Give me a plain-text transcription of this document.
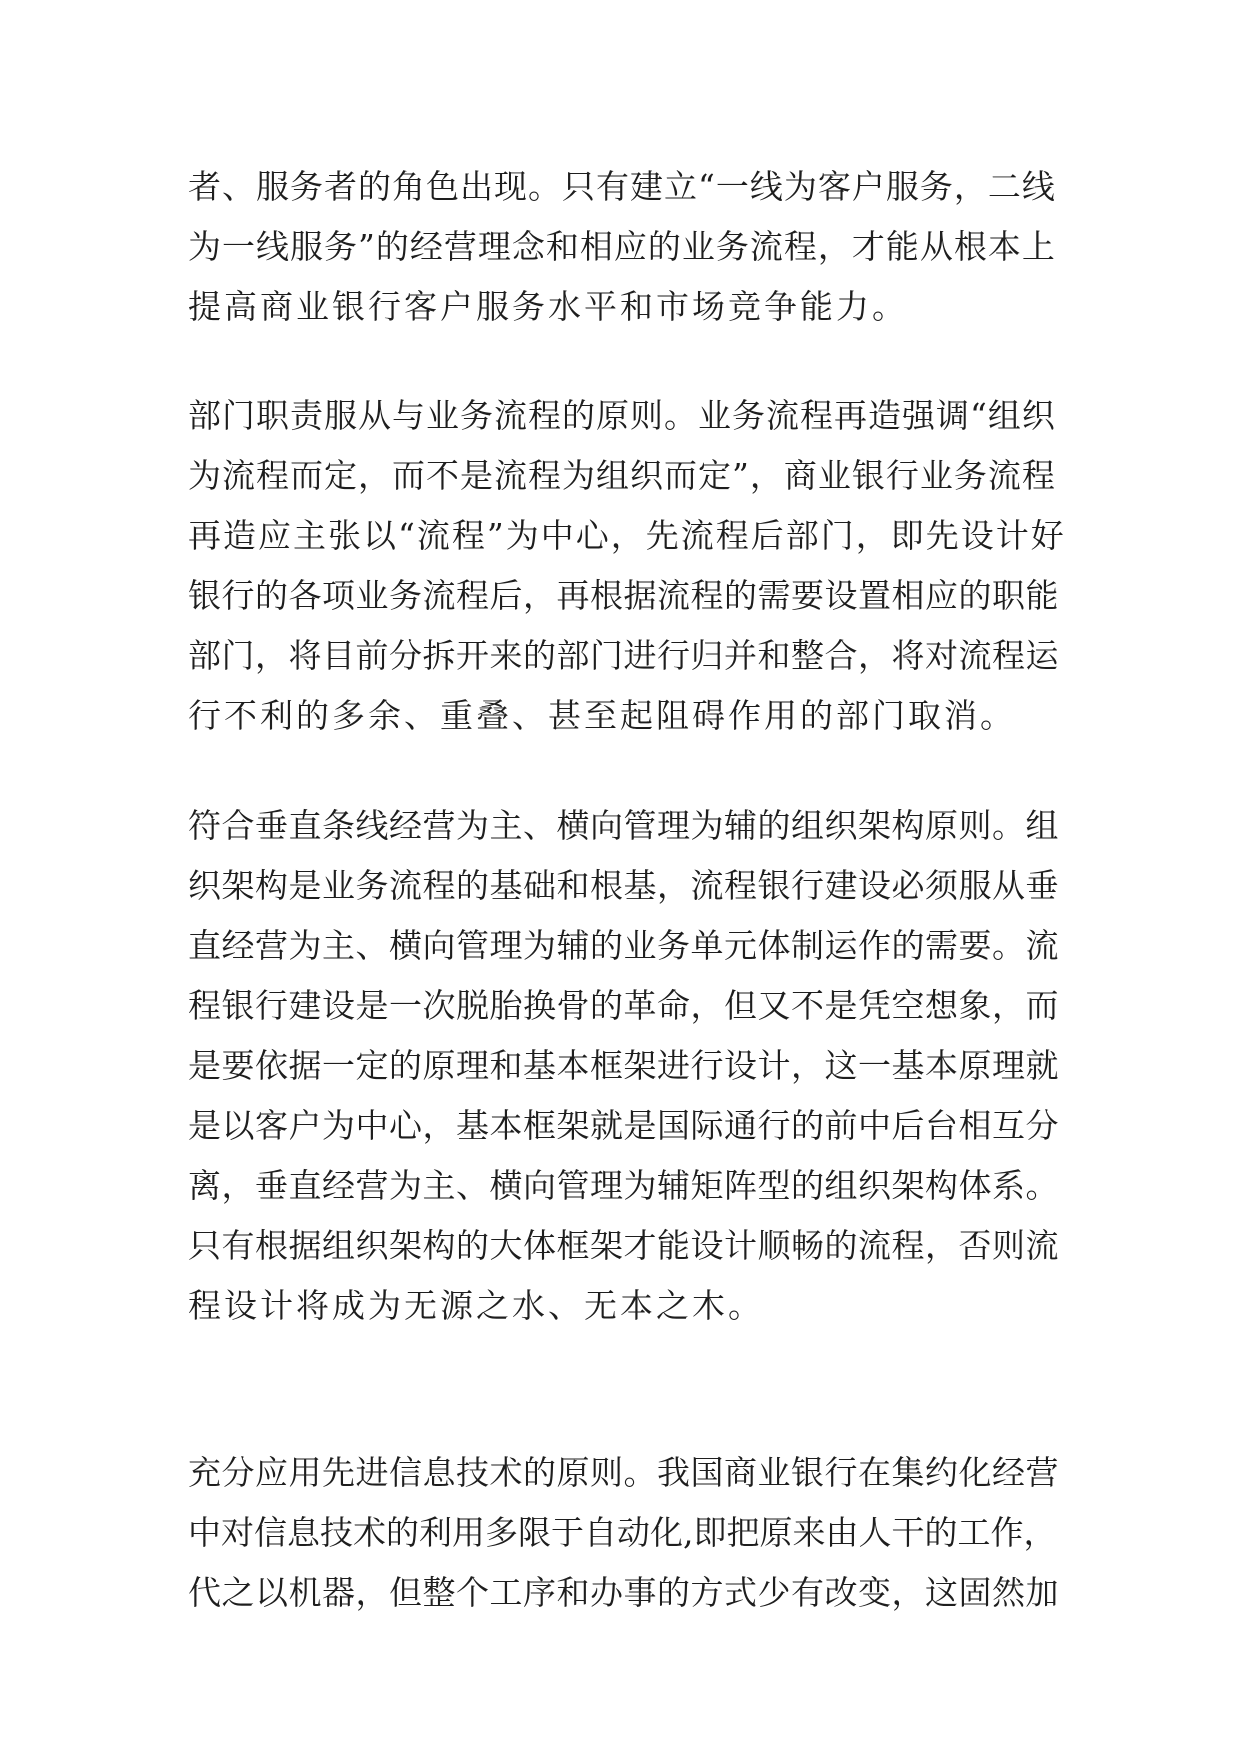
者、服务者的角色出现。只有建立“一线为客户服务，二线
为一线服务”的经营理念和相应的业务流程，才能从根本上
提高商业银行客户服务水平和市场竞争能力。
部门职责服从与业务流程的原则。业务流程再造强调“组织
为流程而定，而不是流程为组织而定”，商业银行业务流程
再造应主张以“流程”为中心，先流程后部门，即先设计好
银行的各项业务流程后，再根据流程的需要设置相应的职能
部门，将目前分拆开来的部门进行归并和整合，将对流程运
行不利的多余、重叠、甚至起阻碍作用的部门取消。
符合垂直条线经营为主、横向管理为辅的组织架构原则。组
织架构是业务流程的基础和根基，流程银行建设必须服从垂
直经营为主、横向管理为辅的业务单元体制运作的需要。流
程银行建设是一次脱胎换骨的革命，但又不是凭空想象，而
是要依据一定的原理和基本框架进行设计，这一基本原理就
是以客户为中心，基本框架就是国际通行的前中后台相互分
离，垂直经营为主、横向管理为辅矩阵型的组织架构体系。
只有根据组织架构的大体框架才能设计顺畅的流程，否则流
程设计将成为无源之水、无本之木。
充分应用先进信息技术的原则。我国商业银行在集约化经营
中对信息技术的利用多限于自动化,即把原来由人干的工作，
代之以机器，但整个工序和办事的方式少有改变，这固然加
